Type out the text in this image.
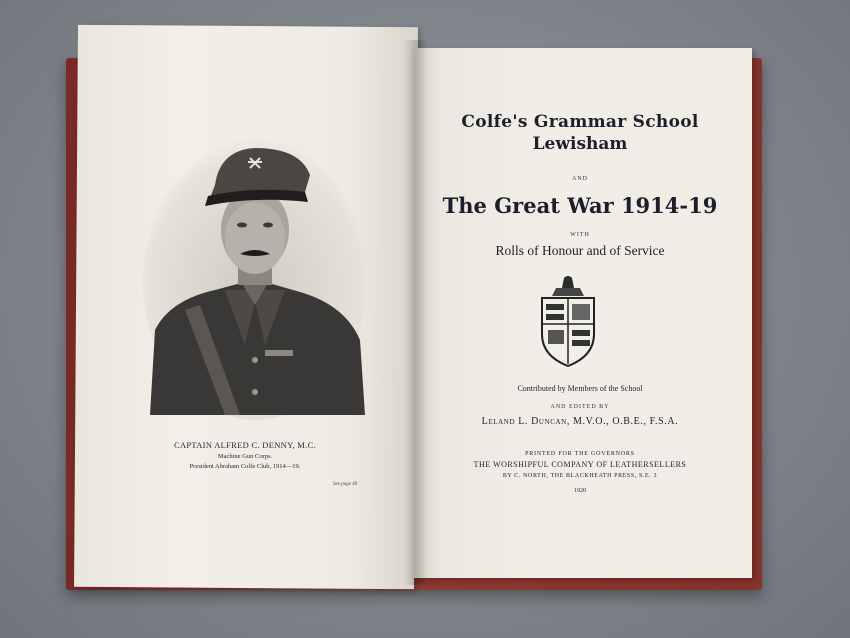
CAPTAIN ALFRED C. DENNY, M.C.
Machine Gun Corps.
President Abraham Colfe Club, 1914—19.
See page 40
Colfe's Grammar School
Lewisham
AND
The Great War 1914-19
WITH
Rolls of Honour and of Service
Contributed by Members of the School
AND EDITED BY
Leland L. Duncan, M.V.O., O.B.E., F.S.A.
PRINTED FOR THE GOVERNORS
THE WORSHIPFUL COMPANY OF LEATHERSELLERS
BY C. NORTH, THE BLACKHEATH PRESS, S.E. 3
1920
